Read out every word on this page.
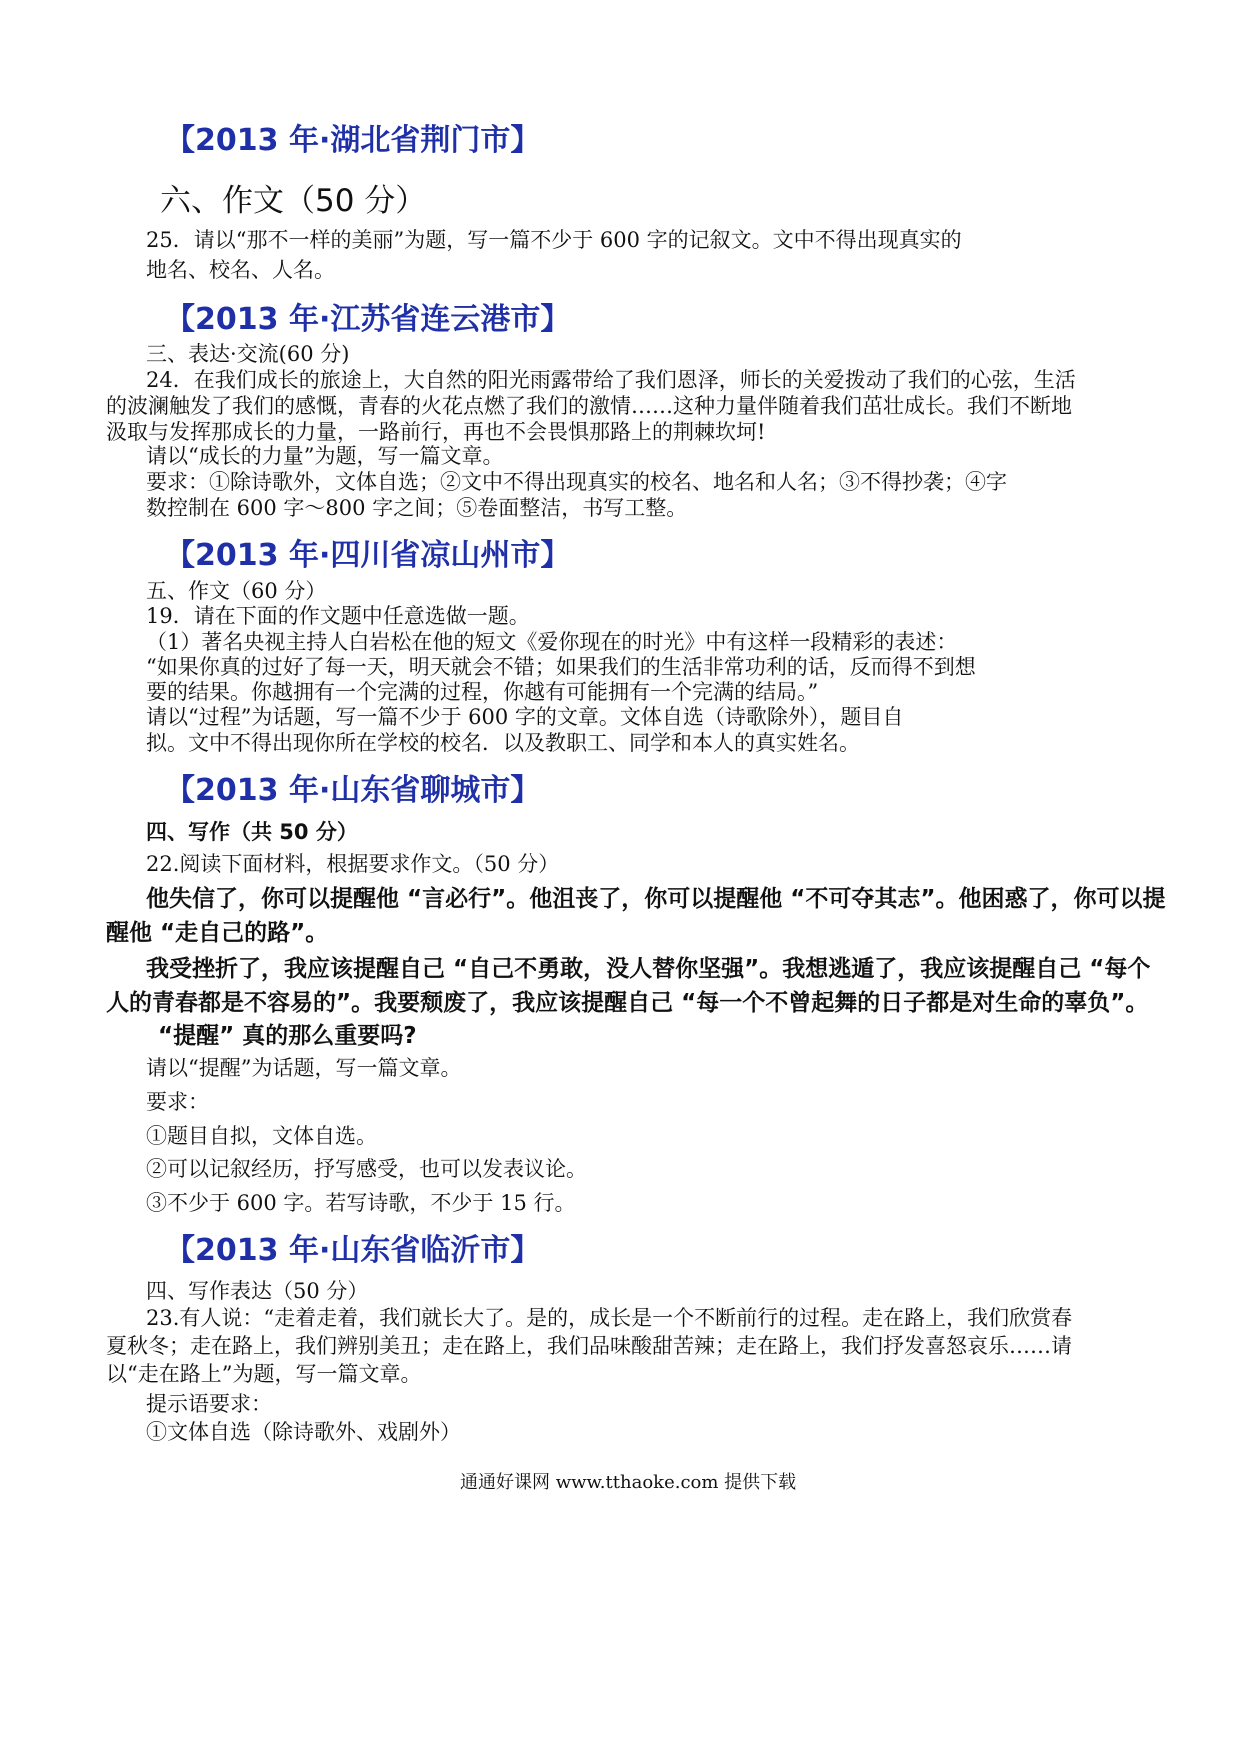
【2013 年·湖北省荆门市】
六、作文（50 分）
25．请以“那不一样的美丽”为题，写一篇不少于 600 字的记叙文。文中不得出现真实的
地名、校名、人名。
【2013 年·江苏省连云港市】
三、表达·交流(60 分)
24．在我们成长的旅途上，大自然的阳光雨露带给了我们恩泽，师长的关爱拨动了我们的心弦，生活
的波澜触发了我们的感慨，青春的火花点燃了我们的激情……这种力量伴随着我们茁壮成长。我们不断地
汲取与发挥那成长的力量，一路前行，再也不会畏惧那路上的荆棘坎坷!
请以“成长的力量”为题，写一篇文章。
要求：①除诗歌外，文体自选；②文中不得出现真实的校名、地名和人名；③不得抄袭；④字
数控制在 600 字～800 字之间；⑤卷面整洁，书写工整。
【2013 年·四川省凉山州市】
五、作文（60 分）
19．请在下面的作文题中任意选做一题。
（1）著名央视主持人白岩松在他的短文《爱你现在的时光》中有这样一段精彩的表述：
“如果你真的过好了每一天，明天就会不错；如果我们的生活非常功利的话，反而得不到想
要的结果。你越拥有一个完满的过程，你越有可能拥有一个完满的结局。”
请以“过程”为话题，写一篇不少于 600 字的文章。文体自选（诗歌除外），题目自
拟。文中不得出现你所在学校的校名．以及教职工、同学和本人的真实姓名。
【2013 年·山东省聊城市】
四、写作（共 50 分）
22.阅读下面材料，根据要求作文。（50 分）
他失信了，你可以提醒他 “言必行”。他沮丧了，你可以提醒他 “不可夺其志”。他困惑了，你可以提
醒他 “走自己的路”。
我受挫折了，我应该提醒自己 “自己不勇敢，没人替你坚强”。我想逃遁了，我应该提醒自己 “每个
人的青春都是不容易的”。我要颓废了，我应该提醒自己 “每一个不曾起舞的日子都是对生命的辜负”。
“提醒” 真的那么重要吗?
请以“提醒”为话题，写一篇文章。
要求：
①题目自拟，文体自选。
②可以记叙经历，抒写感受，也可以发表议论。
③不少于 600 字。若写诗歌，不少于 15 行。
【2013 年·山东省临沂市】
四、写作表达（50 分）
23.有人说：“走着走着，我们就长大了。是的，成长是一个不断前行的过程。走在路上，我们欣赏春
夏秋冬；走在路上，我们辨别美丑；走在路上，我们品味酸甜苦辣；走在路上，我们抒发喜怒哀乐……请
以“走在路上”为题，写一篇文章。
提示语要求：
①文体自选（除诗歌外、戏剧外）
通通好课网 www.tthaoke.com 提供下载
